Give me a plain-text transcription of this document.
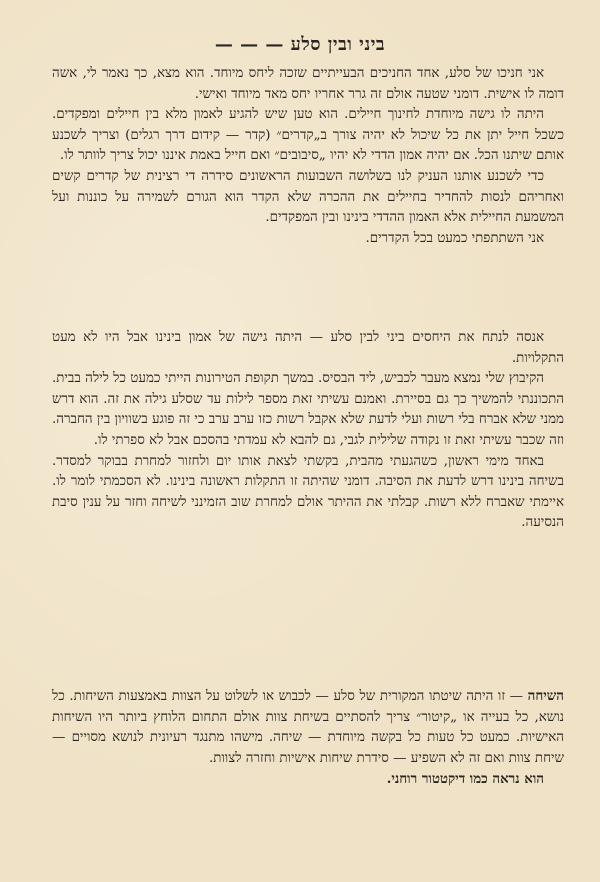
ביני ובין סלע — — —

אני חניכו של סלע, אחד החניכים הבעייתיים שזכה ליחס מיוחד. הוא מצא, כך נאמר לי, אשה דומה לו אישית. דומני שטעה אולם זה גרר אחריו יחס מאד מיוחד ואישי.

היתה לו גישה מיוחדת לחינוך חיילים. הוא טען שיש להגיע לאמון מלא בין חיילים ומפקדים. כשכל חייל יתן את כל שיכול לא יהיה צורך ב„קדרים״ (קדר — קידום דרך רגלים) וצריך לשכנע אותם שיתנו הכל. אם יהיה אמון הדדי לא יהיו „סיבובים״ ואם חייל באמת איננו יכול צריך לוותר לו.

כדי לשכנע אותנו העניק לנו בשלושה השבועות הראשונים סידרה די רצינית של קדרים קשים ואחריהם לנסות להחדיר בחיילים את ההכרה שלא הקדר הוא הגורם לשמירה על כוננות ועל המשמעת החיילית אלא האמון ההדדי בינינו ובין המפקדים.

אני השתתפתי כמעט בכל הקדרים.

אנסה לנתח את היחסים ביני לבין סלע — היתה גישה של אמון בינינו אבל היו לא מעט התקלויות.

הקיבוץ שלי נמצא מעבר לכביש, ליד הבסיס. במשך תקופת הטירונות הייתי כמעט כל לילה בבית. התכוננתי להמשיך כך גם בסיירת. ואמנם עשיתי זאת מספר לילות עד שסלע גילה את זה. הוא דרש ממני שלא אברח בלי רשות ועלי לדעת שלא אקבל רשות כזו ערב ערב כי זה פוגע בשוויון בין החברה. וזה שכבר עשיתי זאת זו נקודה שלילית לגבי, גם להבא לא עמדתי בהסכם אבל לא ספרתי לו.

באחד מימי ראשון, כשהגעתי מהבית, בקשתי לצאת אותו יום ולחזור למחרת בבוקר למסדר. בשיחה בינינו דרש לדעת את הסיבה. דומני שהיתה זו התקלות ראשונה בינינו. לא הסכמתי לומר לו. איימתי שאברח ללא רשות. קבלתי את ההיתר אולם למחרת שוב הזמינני לשיחה וחזר על ענין סיבת הנסיעה.

השיחה — זו היתה שיטתו המקורית של סלע — לכבוש או לשלוט על הצוות באמצעות השיחות. כל נושא, כל בעייה או „קיטור״ צריך להסתיים בשיחת צוות אולם התחום הלוחץ ביותר היו השיחות האישיות. כמעט כל טעות כל בקשה מיוחדת — שיחה. מישהו מתנגד רעיונית לנושא מסויים — שיחת צוות ואם זה לא השפיע — סידרת שיחות אישיות וחזרה לצוות.

הוא נראה כמו דיקטטור רוחני.
